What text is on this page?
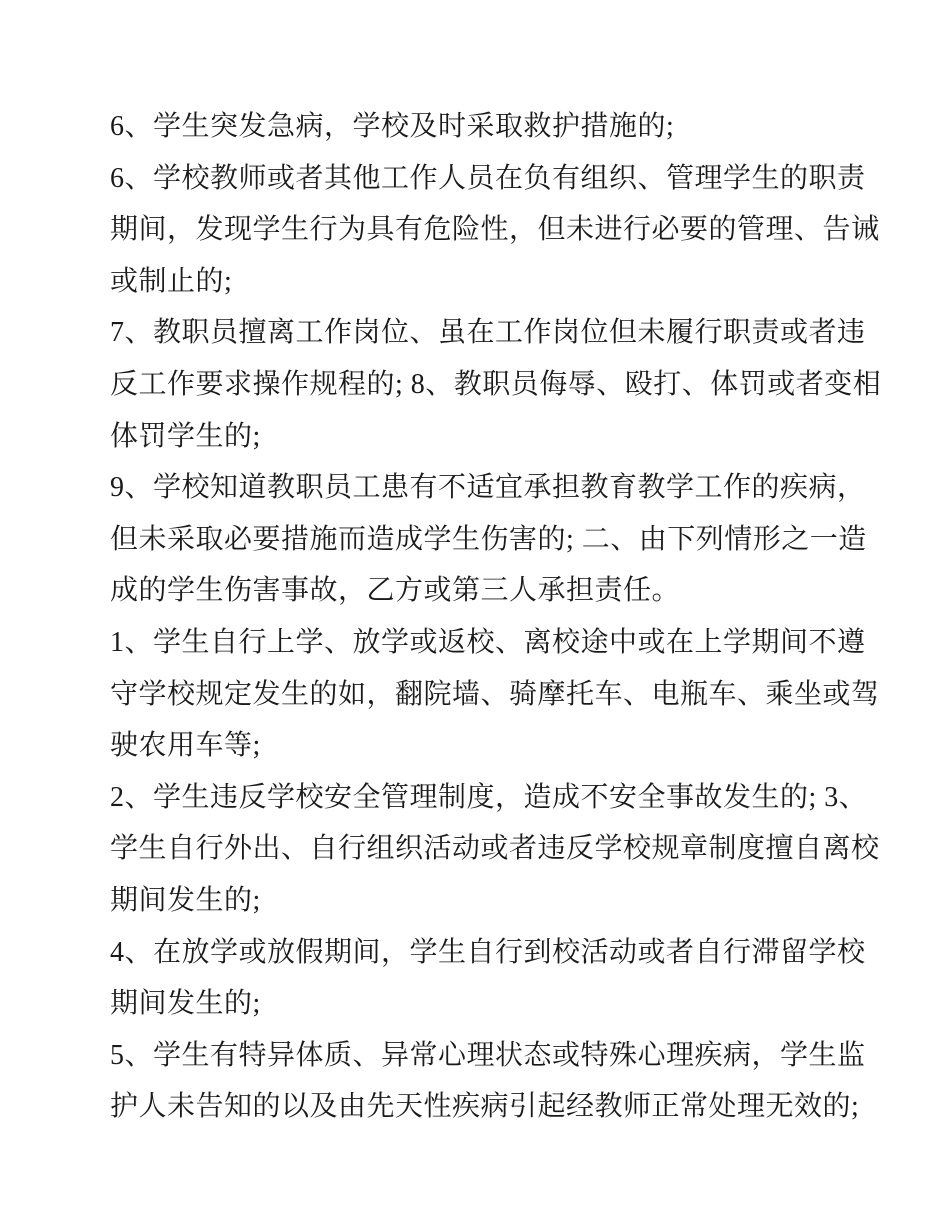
6、学生突发急病，学校及时采取救护措施的;
6、学校教师或者其他工作人员在负有组织、管理学生的职责
期间，发现学生行为具有危险性，但未进行必要的管理、告诫
或制止的;
7、教职员擅离工作岗位、虽在工作岗位但未履行职责或者违
反工作要求操作规程的; 8、教职员侮辱、殴打、体罚或者变相
体罚学生的;
9、学校知道教职员工患有不适宜承担教育教学工作的疾病，
但未采取必要措施而造成学生伤害的; 二、由下列情形之一造
成的学生伤害事故，乙方或第三人承担责任。
1、学生自行上学、放学或返校、离校途中或在上学期间不遵
守学校规定发生的如，翻院墙、骑摩托车、电瓶车、乘坐或驾
驶农用车等;
2、学生违反学校安全管理制度，造成不安全事故发生的; 3、
学生自行外出、自行组织活动或者违反学校规章制度擅自离校
期间发生的;
4、在放学或放假期间，学生自行到校活动或者自行滞留学校
期间发生的;
5、学生有特异体质、异常心理状态或特殊心理疾病，学生监
护人未告知的以及由先天性疾病引起经教师正常处理无效的;
